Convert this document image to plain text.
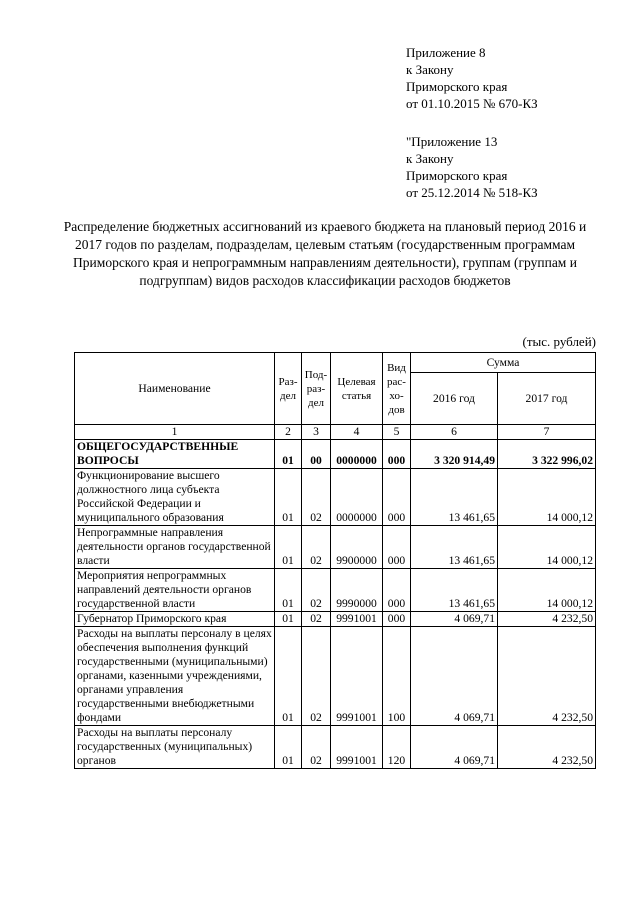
Приложение 8
к Закону
Приморского края
от 01.10.2015 № 670-КЗ
"Приложение 13
к Закону
Приморского края
от 25.12.2014 № 518-КЗ
Распределение бюджетных ассигнований из краевого бюджета на плановый период 2016 и 2017 годов по разделам, подразделам, целевым статьям (государственным программам Приморского края и непрограммным направлениям деятельности), группам (группам и подгруппам) видов расходов классификации расходов бюджетов
(тыс. рублей)
Наименование	Раз-дел	Под-раз-дел	Целевая статья	Вид рас-хо-дов	Сумма	
					2016 год	2017 год
1	2	3	4	5	6	7
ОБЩЕГОСУДАРСТВЕННЫЕ ВОПРОСЫ	01	00	0000000	000	3 320 914,49	3 322 996,02
Функционирование высшего должностного лица субъекта Российской Федерации и муниципального образования	01	02	0000000	000	13 461,65	14 000,12
Непрограммные направления деятельности органов государственной власти	01	02	9900000	000	13 461,65	14 000,12
Мероприятия непрограммных направлений деятельности органов государственной власти	01	02	9990000	000	13 461,65	14 000,12
Губернатор Приморского края	01	02	9991001	000	4 069,71	4 232,50
Расходы на выплаты персоналу в целях обеспечения выполнения функций государственными (муниципальными) органами, казенными учреждениями, органами управления государственными внебюджетными фондами	01	02	9991001	100	4 069,71	4 232,50
Расходы на выплаты персоналу государственных (муниципальных) органов	01	02	9991001	120	4 069,71	4 232,50
